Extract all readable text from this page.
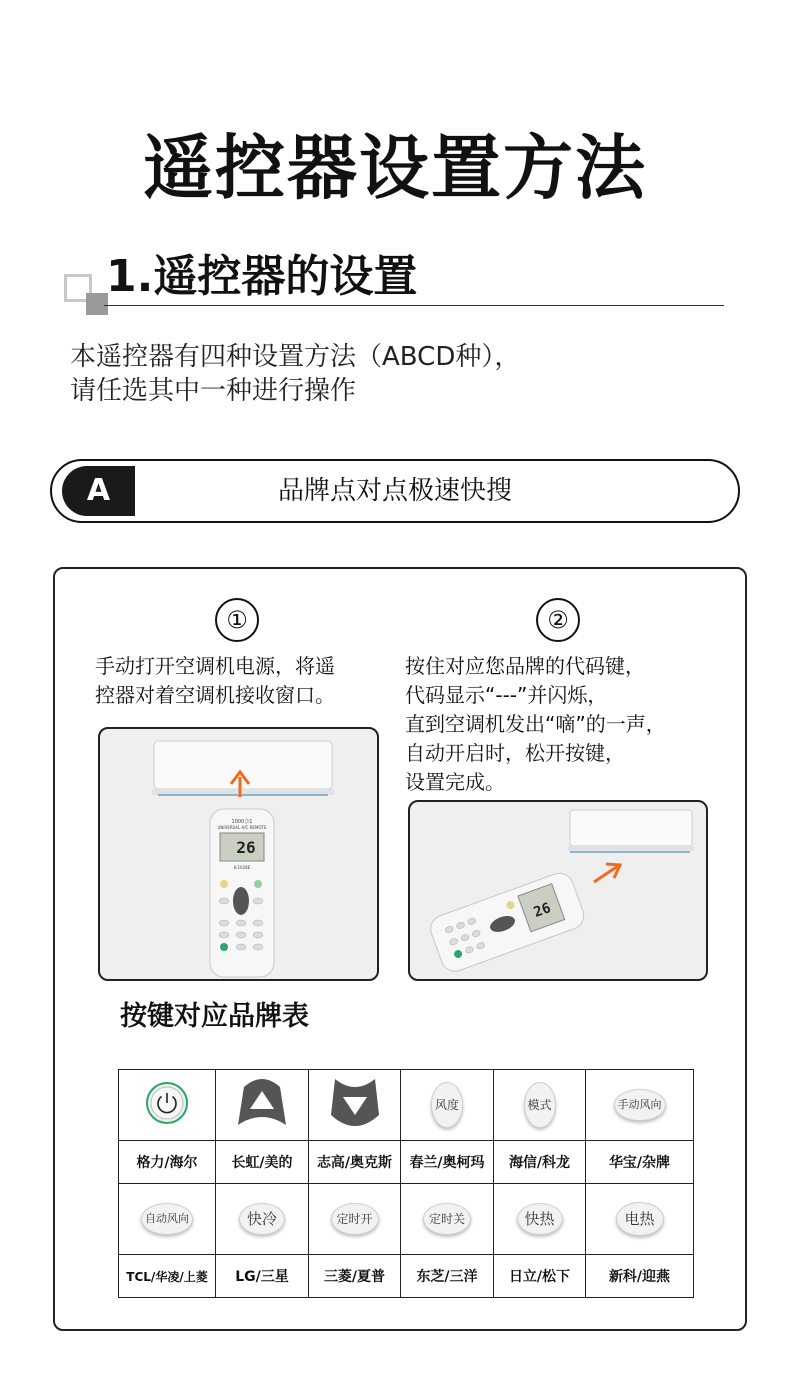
遥控器设置方法
1.遥控器的设置
本遥控器有四种设置方法（ABCD种），
请任选其中一种进行操作
A	品牌点对点极速快搜
①
手动打开空调机电源，将遥
控器对着空调机接收窗口。
②
按住对应您品牌的代码键，
代码显示“---”并闪烁，
直到空调机发出“嘀”的一声，
自动开启时，松开按键，
设置完成。
1000合1
UNIVERSAL A/C REMOTE
26
K-1028E
26
按键对应品牌表
			风度	模式	手动风向
格力/海尔	长虹/美的	志高/奥克斯	春兰/奥柯玛	海信/科龙	华宝/杂牌
自动风向	快冷	定时开	定时关	快热	电热
TCL/华凌/上菱	LG/三星	三菱/夏普	东芝/三洋	日立/松下	新科/迎燕
